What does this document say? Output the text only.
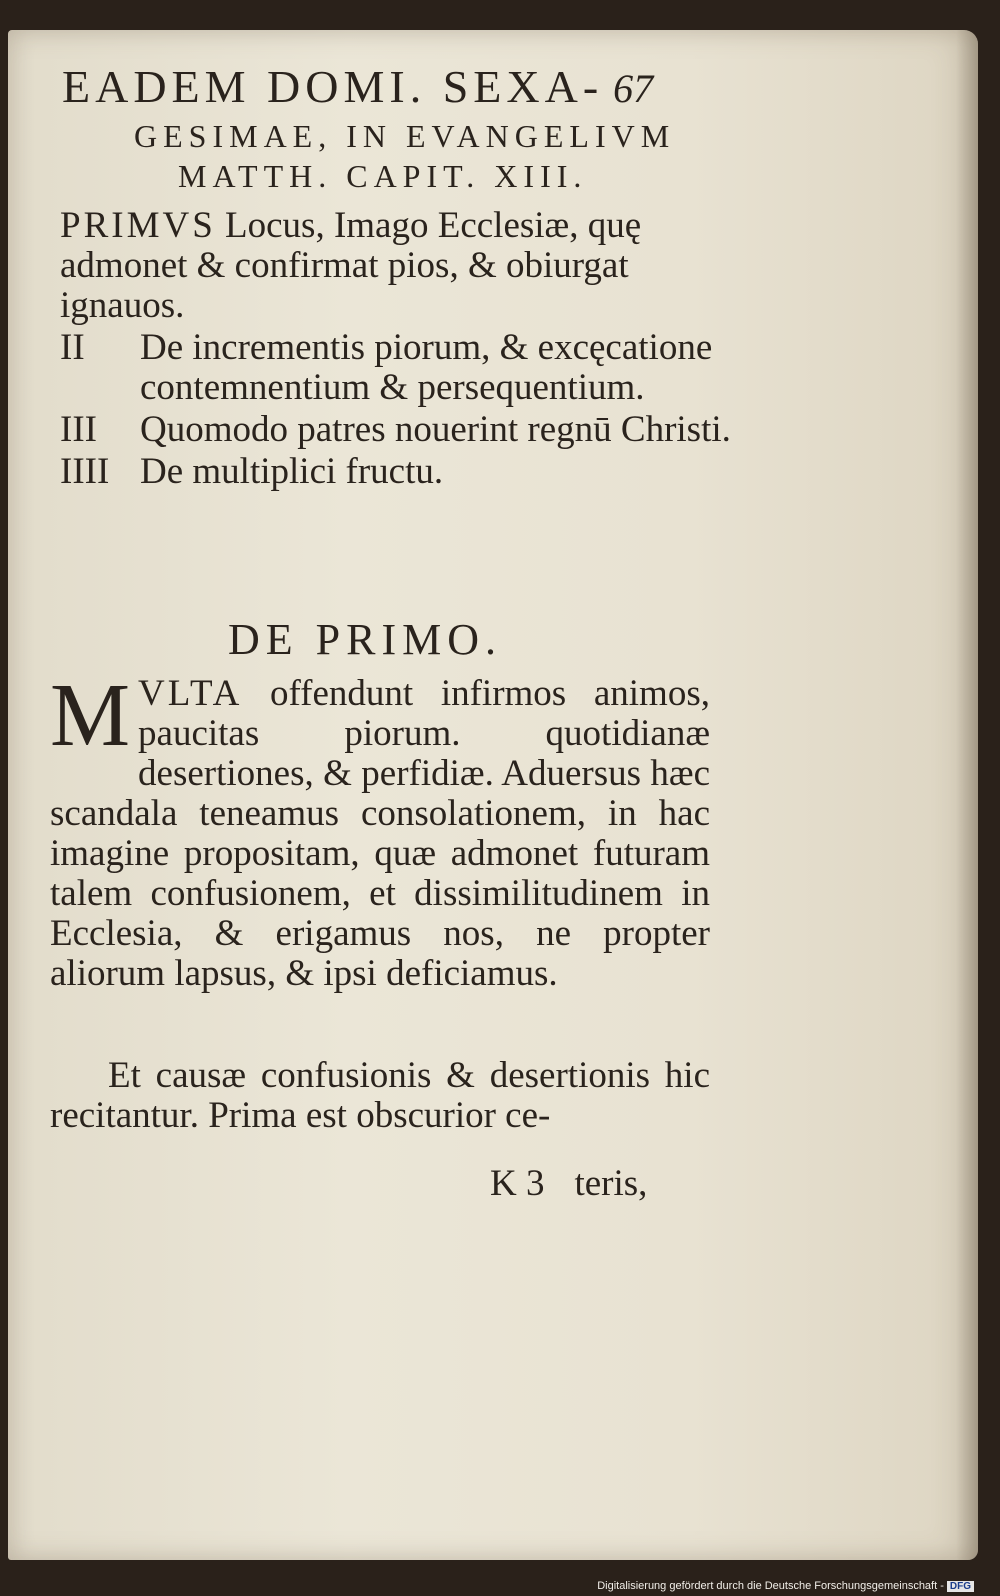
EADEM DOMI. SEXA- 67
GESIMAE, IN EVANGELIVM
MATTH. CAPIT. XIII.
PRIMVS Locus, Imago Ecclesiæ, quę admonet & confirmat pios, & obiurgat ignauos.
II De incrementis piorum, & excęcatione contemnentium & persequentium.
III Quomodo patres nouerint regnū Christi.
IIII De multiplici fructu.
DE PRIMO.
M VLTA offendunt infirmos animos, paucitas piorum. quotidianæ desertiones, & perfidiæ. Aduersus hæc scandala teneamus consolationem, in hac imagine propositam, quæ admonet futuram talem confusionem, et dissimilitudinem in Ecclesia, & erigamus nos, ne propter aliorum lapsus, & ipsi deficiamus.
Et causæ confusionis & desertionis hic recitantur. Prima est obscurior ce-
K 3 teris,
Digitalisierung gefördert durch die Deutsche Forschungsgemeinschaft - DFG
